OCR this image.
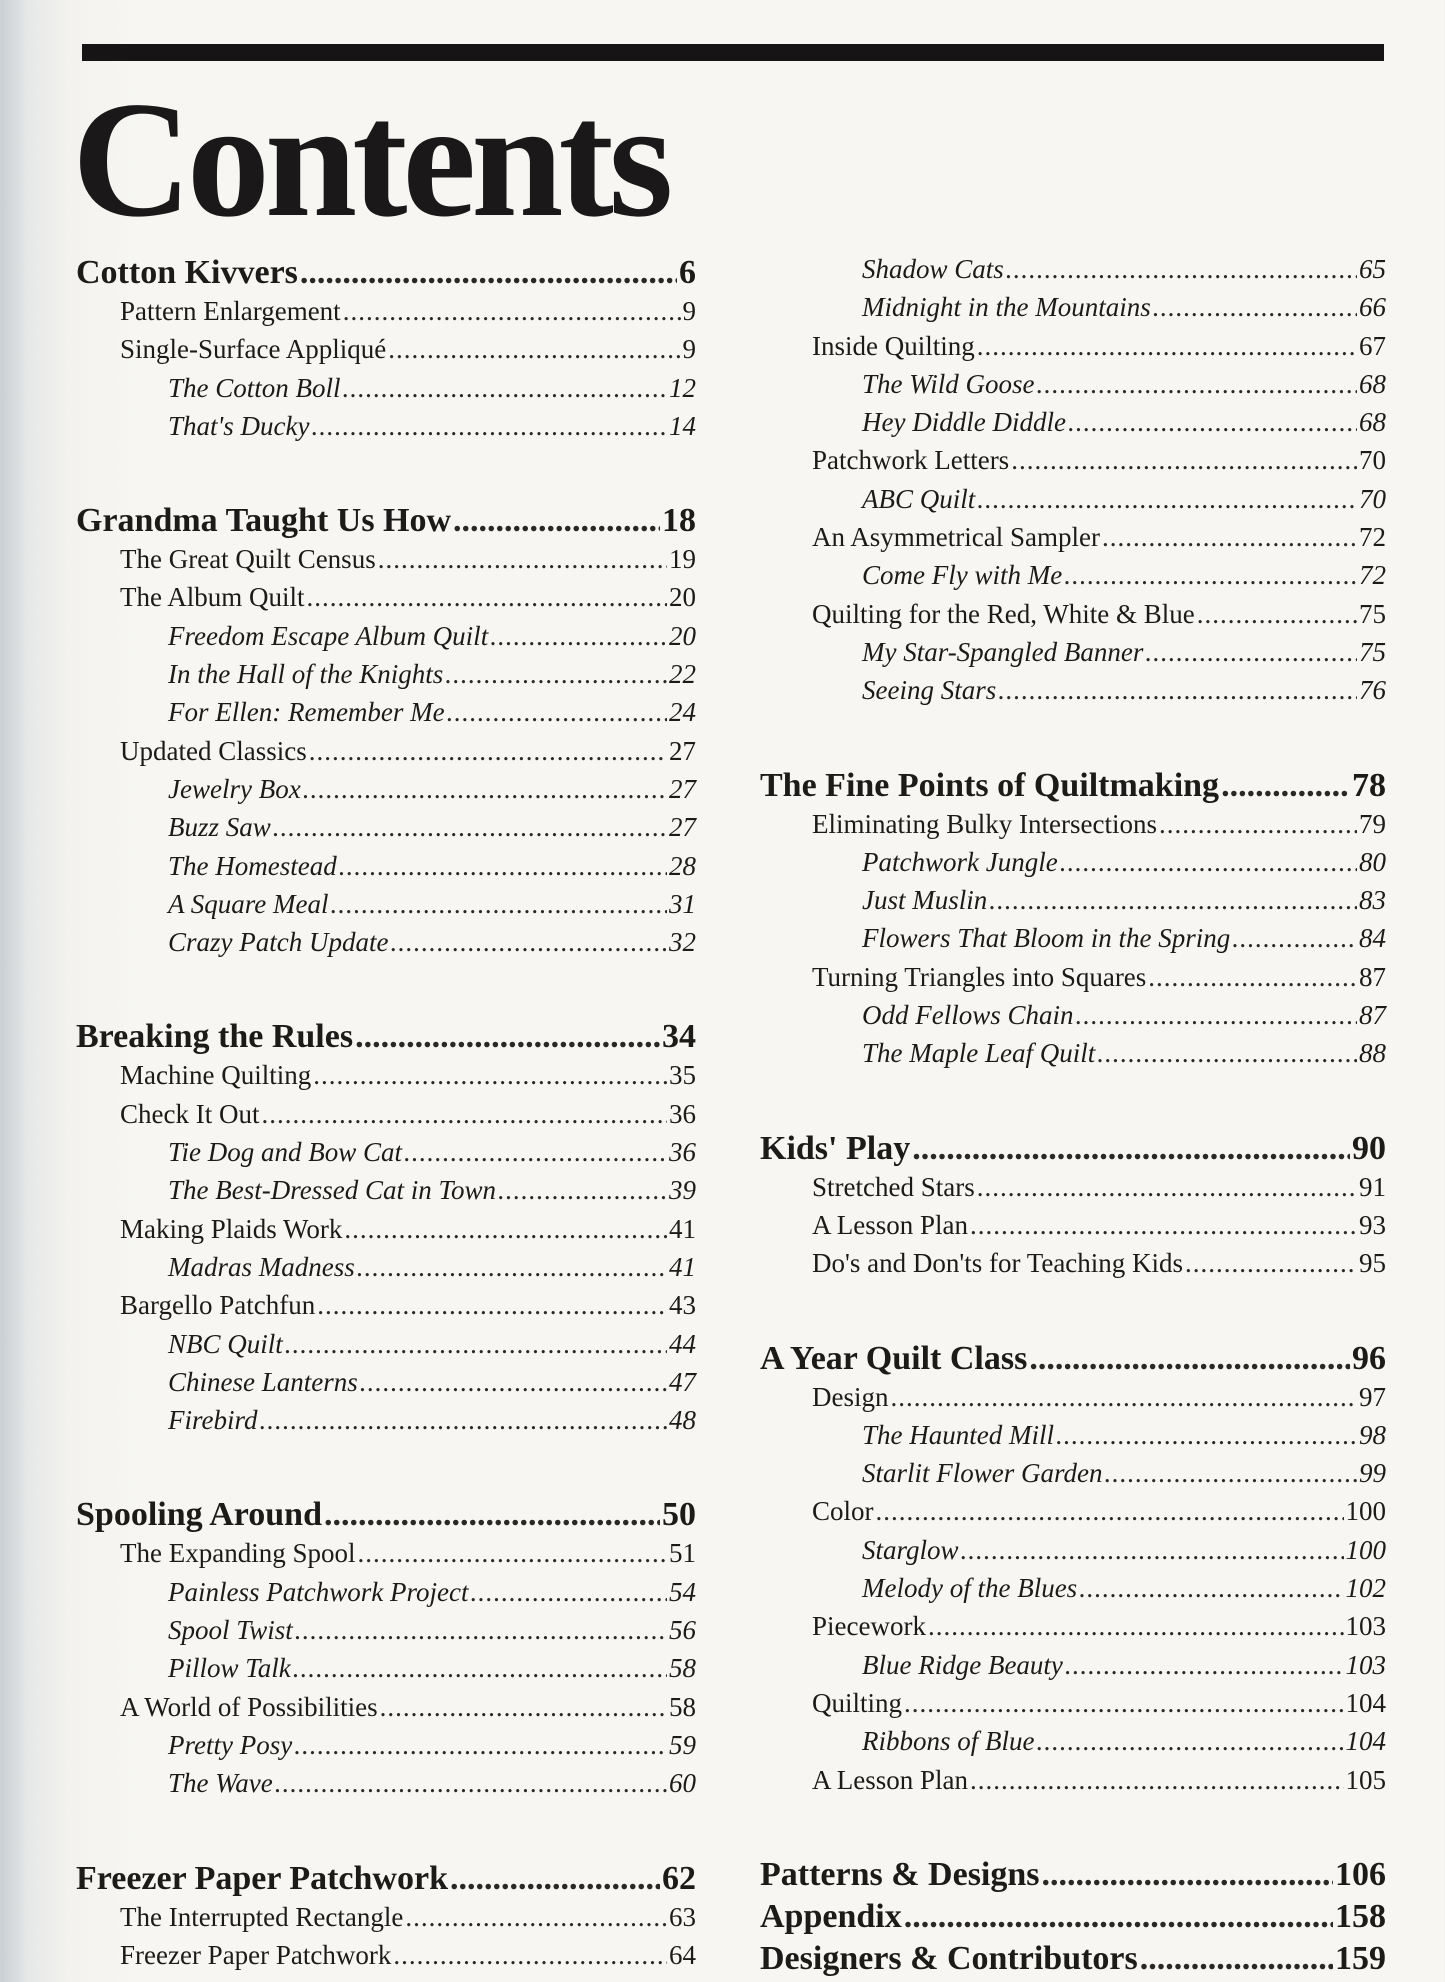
Contents
Cotton Kivvers .....	6
Pattern Enlargement .....	9
Single-Surface Appliqué .....	9
The Cotton Boll .....	12
That's Ducky .....	14
Grandma Taught Us How .....	18
The Great Quilt Census .....	19
The Album Quilt .....	20
Freedom Escape Album Quilt .....	20
In the Hall of the Knights .....	22
For Ellen: Remember Me .....	24
Updated Classics .....	27
Jewelry Box .....	27
Buzz Saw .....	27
The Homestead .....	28
A Square Meal .....	31
Crazy Patch Update .....	32
Breaking the Rules .....	34
Machine Quilting .....	35
Check It Out .....	36
Tie Dog and Bow Cat .....	36
The Best-Dressed Cat in Town .....	39
Making Plaids Work .....	41
Madras Madness .....	41
Bargello Patchfun .....	43
NBC Quilt .....	44
Chinese Lanterns .....	47
Firebird .....	48
Spooling Around .....	50
The Expanding Spool .....	51
Painless Patchwork Project .....	54
Spool Twist .....	56
Pillow Talk .....	58
A World of Possibilities .....	58
Pretty Posy .....	59
The Wave .....	60
Freezer Paper Patchwork .....	62
The Interrupted Rectangle .....	63
Freezer Paper Patchwork .....	64
Shadow Cats .....	65
Midnight in the Mountains .....	66
Inside Quilting .....	67
The Wild Goose .....	68
Hey Diddle Diddle .....	68
Patchwork Letters .....	70
ABC Quilt .....	70
An Asymmetrical Sampler .....	72
Come Fly with Me .....	72
Quilting for the Red, White & Blue .....	75
My Star-Spangled Banner .....	75
Seeing Stars .....	76
The Fine Points of Quiltmaking .....	78
Eliminating Bulky Intersections .....	79
Patchwork Jungle .....	80
Just Muslin .....	83
Flowers That Bloom in the Spring .....	84
Turning Triangles into Squares .....	87
Odd Fellows Chain .....	87
The Maple Leaf Quilt .....	88
Kids' Play .....	90
Stretched Stars .....	91
A Lesson Plan .....	93
Do's and Don'ts for Teaching Kids .....	95
A Year Quilt Class .....	96
Design .....	97
The Haunted Mill .....	98
Starlit Flower Garden .....	99
Color .....	100
Starglow .....	100
Melody of the Blues .....	102
Piecework .....	103
Blue Ridge Beauty .....	103
Quilting .....	104
Ribbons of Blue .....	104
A Lesson Plan .....	105
Patterns & Designs .....	106
Appendix .....	158
Designers & Contributors .....	159
